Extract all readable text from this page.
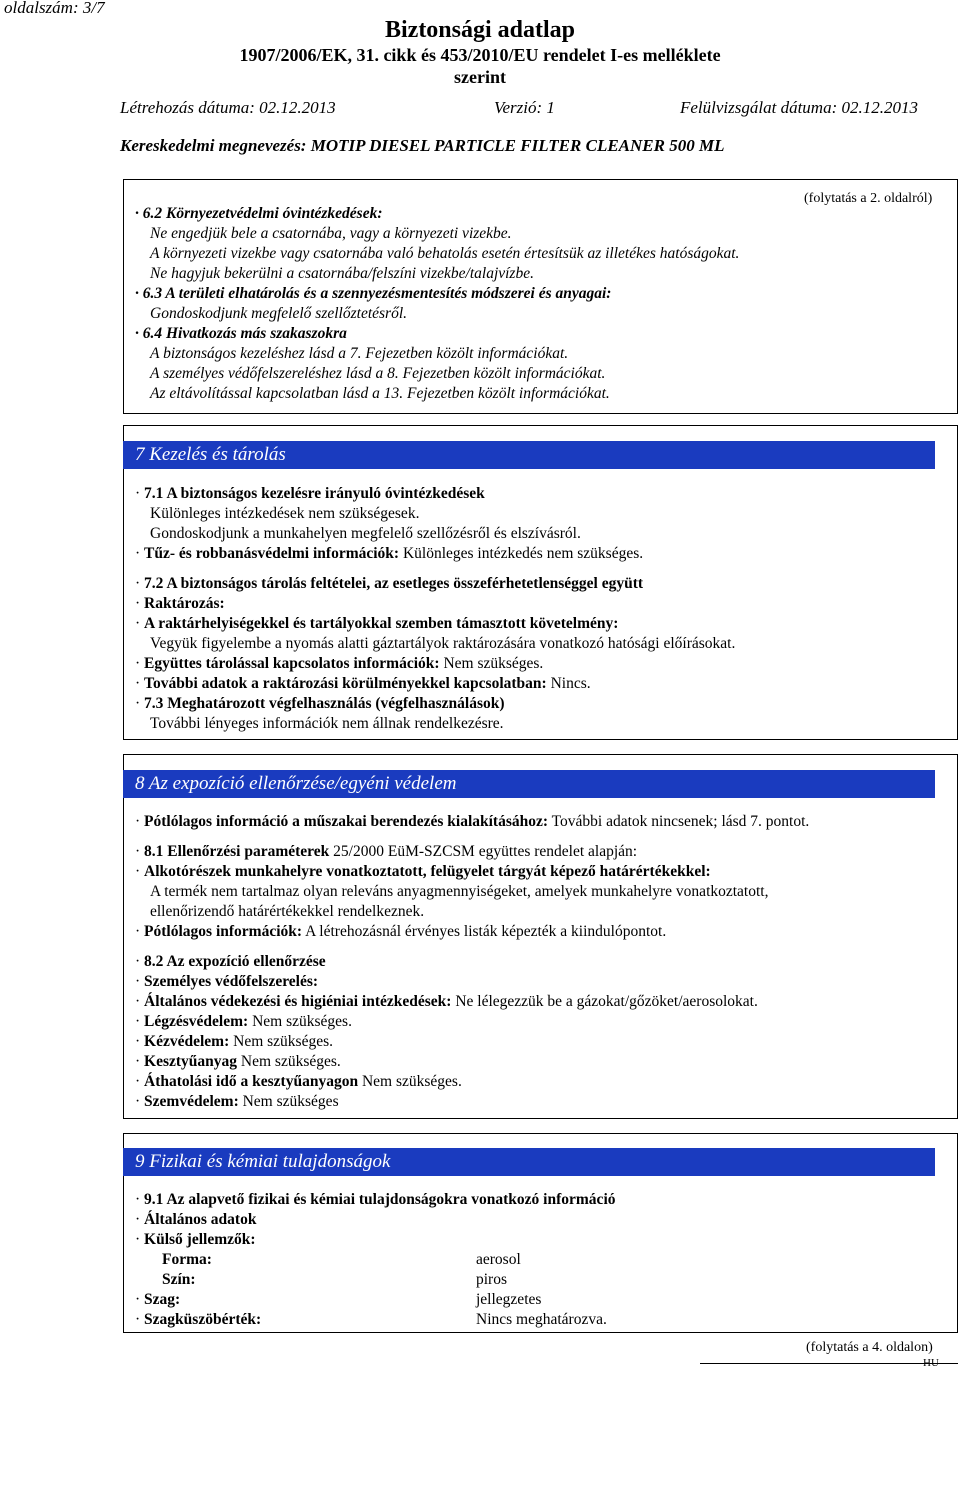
oldalszám: 3/7
Biztonsági adatlap
1907/2006/EK, 31. cikk és 453/2010/EU rendelet I-es melléklete
szerint
Létrehozás dátuma: 02.12.2013	Verzió: 1	Felülvizsgálat dátuma: 02.12.2013
Kereskedelmi megnevezés: MOTIP DIESEL PARTICLE FILTER CLEANER 500 ML
(folytatás a 2. oldalról)
· 6.2 Környezetvédelmi óvintézkedések:
Ne engedjük bele a csatornába, vagy a környezeti vizekbe.
A környezeti vizekbe vagy csatornába való behatolás esetén értesítsük az illetékes hatóságokat.
Ne hagyjuk bekerülni a csatornába/felszíni vizekbe/talajvízbe.
· 6.3 A területi elhatárolás és a szennyezésmentesítés módszerei és anyagai:
Gondoskodjunk megfelelő szellőztetésről.
· 6.4 Hivatkozás más szakaszokra
A biztonságos kezeléshez lásd a 7. Fejezetben közölt információkat.
A személyes védőfelszereléshez lásd a 8. Fejezetben közölt információkat.
Az eltávolítással kapcsolatban lásd a 13. Fejezetben közölt információkat.
7 Kezelés és tárolás
· 7.1 A biztonságos kezelésre irányuló óvintézkedések
Különleges intézkedések nem szükségesek.
Gondoskodjunk a munkahelyen megfelelő szellőzésről és elszívásról.
· Tűz- és robbanásvédelmi információk: Különleges intézkedés nem szükséges.
· 7.2 A biztonságos tárolás feltételei, az esetleges összeférhetetlenséggel együtt
· Raktározás:
· A raktárhelyiségekkel és tartályokkal szemben támasztott követelmény:
Vegyük figyelembe a nyomás alatti gáztartályok raktározására vonatkozó hatósági előírásokat.
· Együttes tárolással kapcsolatos információk: Nem szükséges.
· További adatok a raktározási körülményekkel kapcsolatban: Nincs.
· 7.3 Meghatározott végfelhasználás (végfelhasználások)
További lényeges információk nem állnak rendelkezésre.
8 Az expozíció ellenőrzése/egyéni védelem
· Pótlólagos információ a műszakai berendezés kialakításához: További adatok nincsenek; lásd 7. pontot.
· 8.1 Ellenőrzési paraméterek 25/2000 EüM-SZCSM együttes rendelet alapján:
· Alkotórészek munkahelyre vonatkoztatott, felügyelet tárgyát képező határértékekkel:
A termék nem tartalmaz olyan releváns anyagmennyiségeket, amelyek munkahelyre vonatkoztatott,
ellenőrizendő határértékekkel rendelkeznek.
· Pótlólagos információk: A létrehozásnál érvényes listák képezték a kiindulópontot.
· 8.2 Az expozíció ellenőrzése
· Személyes védőfelszerelés:
· Általános védekezési és higiéniai intézkedések: Ne lélegezzük be a gázokat/gőzöket/aerosolokat.
· Légzésvédelem: Nem szükséges.
· Kézvédelem: Nem szükséges.
· Kesztyűanyag Nem szükséges.
· Áthatolási idő a kesztyűanyagon Nem szükséges.
· Szemvédelem: Nem szükséges
9 Fizikai és kémiai tulajdonságok
· 9.1 Az alapvető fizikai és kémiai tulajdonságokra vonatkozó információ
· Általános adatok
· Külső jellemzők:
Forma:	aerosol
Szín:	piros
· Szag:	jellegzetes
· Szagküszöbérték:	Nincs meghatározva.
(folytatás a 4. oldalon)
HU
